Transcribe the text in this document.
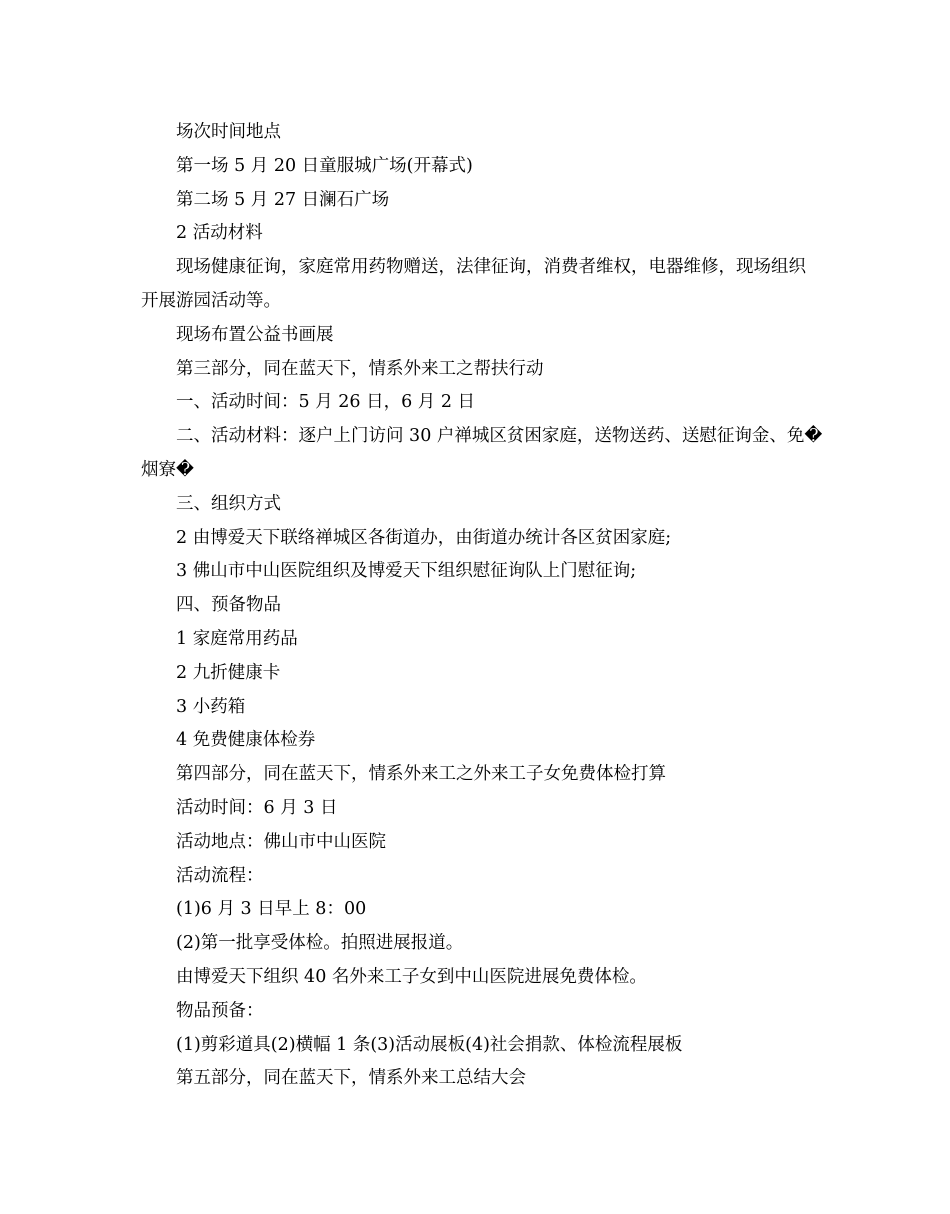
场次时间地点

第一场 5 月 20 日童服城广场(开幕式)

第二场 5 月 27 日澜石广场

2 活动材料

现场健康征询，家庭常用药物赠送，法律征询，消费者维权，电器维修，现场组织开展游园活动等。

现场布置公益书画展

第三部分，同在蓝天下，情系外来工之帮扶行动

一、活动时间：5 月 26 日，6 月 2 日

二、活动材料：逐户上门访问 30 户禅城区贫困家庭，送物送药、送慰征询金、免�烟寮�

三、组织方式

2 由博爱天下联络禅城区各街道办，由街道办统计各区贫困家庭;

3 佛山市中山医院组织及博爱天下组织慰征询队上门慰征询;

四、预备物品

1 家庭常用药品

2 九折健康卡

3 小药箱

4 免费健康体检券

第四部分，同在蓝天下，情系外来工之外来工子女免费体检打算

活动时间：6 月 3 日

活动地点：佛山市中山医院

活动流程：

(1)6 月 3 日早上 8：00

(2)第一批享受体检。拍照进展报道。

由博爱天下组织 40 名外来工子女到中山医院进展免费体检。

物品预备：

(1)剪彩道具(2)横幅 1 条(3)活动展板(4)社会捐款、体检流程展板

第五部分，同在蓝天下，情系外来工总结大会
